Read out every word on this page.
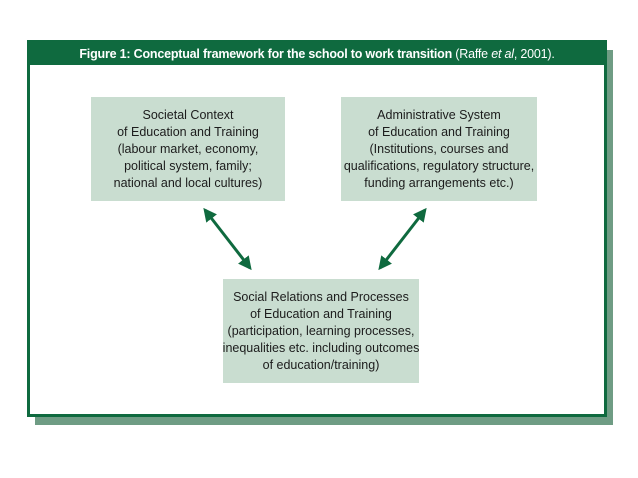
Figure 1: Conceptual framework for the school to work transition (Raffe et al, 2001).
Societal Context
of Education and Training
(labour market, economy,
political system, family;
national and local cultures)
Administrative System
of Education and Training
(Institutions, courses and
qualifications, regulatory structure,
funding arrangements etc.)
Social Relations and Processes
of Education and Training
(participation, learning processes,
inequalities etc. including outcomes
of education/training)
